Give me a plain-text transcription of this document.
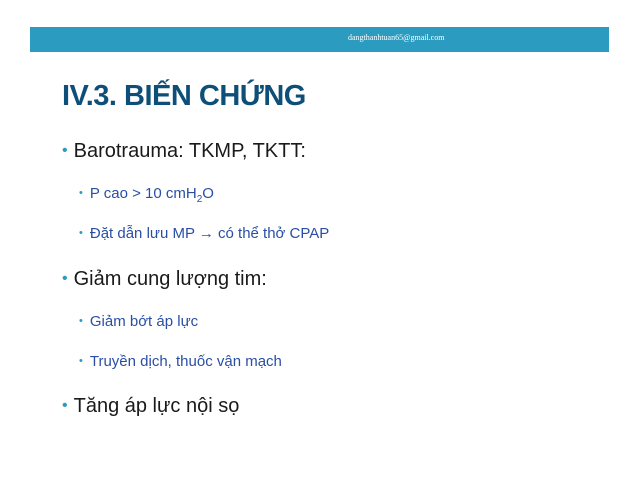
dangthanhtuan65@gmail.com
IV.3. BIẾN CHỨNG
• Barotrauma: TKMP, TKTT:
• P cao > 10 cmH$_2$O
• Đặt dẫn lưu MP → có thể thở CPAP
• Giảm cung lượng tim:
• Giảm bớt áp lực
• Truyền dịch, thuốc vận mạch
• Tăng áp lực nội sọ
